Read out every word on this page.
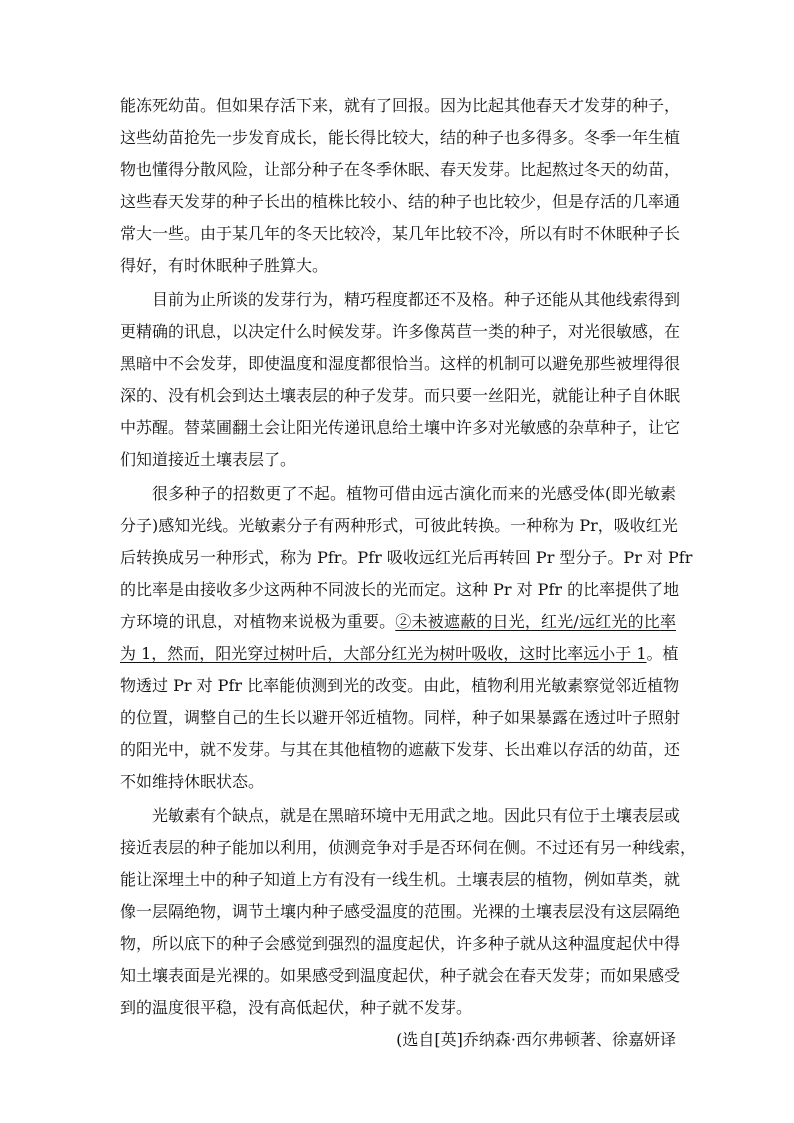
能冻死幼苗。但如果存活下来，就有了回报。因为比起其他春天才发芽的种子，
这些幼苗抢先一步发育成长，能长得比较大，结的种子也多得多。冬季一年生植
物也懂得分散风险，让部分种子在冬季休眠、春天发芽。比起熬过冬天的幼苗，
这些春天发芽的种子长出的植株比较小、结的种子也比较少，但是存活的几率通
常大一些。由于某几年的冬天比较冷，某几年比较不冷，所以有时不休眠种子长
得好，有时休眠种子胜算大。
目前为止所谈的发芽行为，精巧程度都还不及格。种子还能从其他线索得到
更精确的讯息，以决定什么时候发芽。许多像莴苣一类的种子，对光很敏感，在
黑暗中不会发芽，即使温度和湿度都很恰当。这样的机制可以避免那些被埋得很
深的、没有机会到达土壤表层的种子发芽。而只要一丝阳光，就能让种子自休眠
中苏醒。替菜圃翻土会让阳光传递讯息给土壤中许多对光敏感的杂草种子，让它
们知道接近土壤表层了。
很多种子的招数更了不起。植物可借由远古演化而来的光感受体(即光敏素
分子)感知光线。光敏素分子有两种形式，可彼此转换。一种称为 Pr，吸收红光
后转换成另一种形式，称为 Pfr。Pfr 吸收远红光后再转回 Pr 型分子。Pr 对 Pfr
的比率是由接收多少这两种不同波长的光而定。这种 Pr 对 Pfr 的比率提供了地
方环境的讯息，对植物来说极为重要。②未被遮蔽的日光，红光/远红光的比率
为 1，然而，阳光穿过树叶后，大部分红光为树叶吸收，这时比率远小于 1。植
物透过 Pr 对 Pfr 比率能侦测到光的改变。由此，植物利用光敏素察觉邻近植物
的位置，调整自己的生长以避开邻近植物。同样，种子如果暴露在透过叶子照射
的阳光中，就不发芽。与其在其他植物的遮蔽下发芽、长出难以存活的幼苗，还
不如维持休眠状态。
光敏素有个缺点，就是在黑暗环境中无用武之地。因此只有位于土壤表层或
接近表层的种子能加以利用，侦测竞争对手是否环伺在侧。不过还有另一种线索，
能让深埋土中的种子知道上方有没有一线生机。土壤表层的植物，例如草类，就
像一层隔绝物，调节土壤内种子感受温度的范围。光裸的土壤表层没有这层隔绝
物，所以底下的种子会感觉到强烈的温度起伏，许多种子就从这种温度起伏中得
知土壤表面是光裸的。如果感受到温度起伏，种子就会在春天发芽；而如果感受
到的温度很平稳，没有高低起伏，种子就不发芽。
(选自[英]乔纳森·西尔弗顿著、徐嘉妍译
